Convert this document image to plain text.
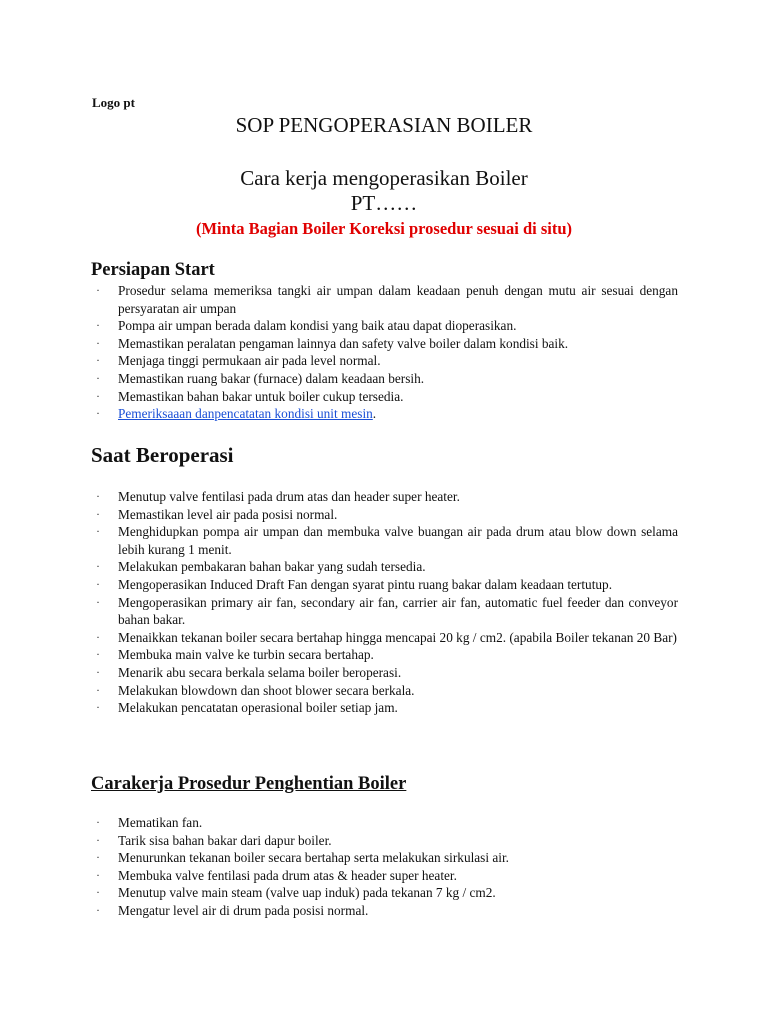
Logo pt
SOP PENGOPERASIAN BOILER
Cara kerja mengoperasikan Boiler
PT……
(Minta Bagian Boiler Koreksi prosedur sesuai di situ)
Persiapan Start
· Prosedur selama memeriksa tangki air umpan dalam keadaan penuh dengan mutu air sesuai dengan persyaratan air umpan
· Pompa air umpan berada dalam kondisi yang baik atau dapat dioperasikan.
· Memastikan peralatan pengaman lainnya dan safety valve boiler dalam kondisi baik.
· Menjaga tinggi permukaan air pada level normal.
· Memastikan ruang bakar (furnace) dalam keadaan bersih.
· Memastikan bahan bakar untuk boiler cukup tersedia.
· Pemeriksaaan danpencatatan kondisi unit mesin.
Saat Beroperasi
· Menutup valve fentilasi pada drum atas dan header super heater.
· Memastikan level air pada posisi normal.
· Menghidupkan pompa air umpan dan membuka valve buangan air pada drum atau blow down selama lebih kurang 1 menit.
· Melakukan pembakaran bahan bakar yang sudah tersedia.
· Mengoperasikan Induced Draft Fan dengan syarat pintu ruang bakar dalam keadaan tertutup.
· Mengoperasikan primary air fan, secondary air fan, carrier air fan, automatic fuel feeder dan conveyor bahan bakar.
· Menaikkan tekanan boiler secara bertahap hingga mencapai 20 kg / cm2. (apabila Boiler tekanan 20 Bar)
· Membuka main valve ke turbin secara bertahap.
· Menarik abu secara berkala selama boiler beroperasi.
· Melakukan blowdown dan shoot blower secara berkala.
· Melakukan pencatatan operasional boiler setiap jam.
Carakerja Prosedur Penghentian Boiler
· Mematikan fan.
· Tarik sisa bahan bakar dari dapur boiler.
· Menurunkan tekanan boiler secara bertahap serta melakukan sirkulasi air.
· Membuka valve fentilasi pada drum atas & header super heater.
· Menutup valve main steam (valve uap induk) pada tekanan 7 kg / cm2.
· Mengatur level air di drum pada posisi normal.
